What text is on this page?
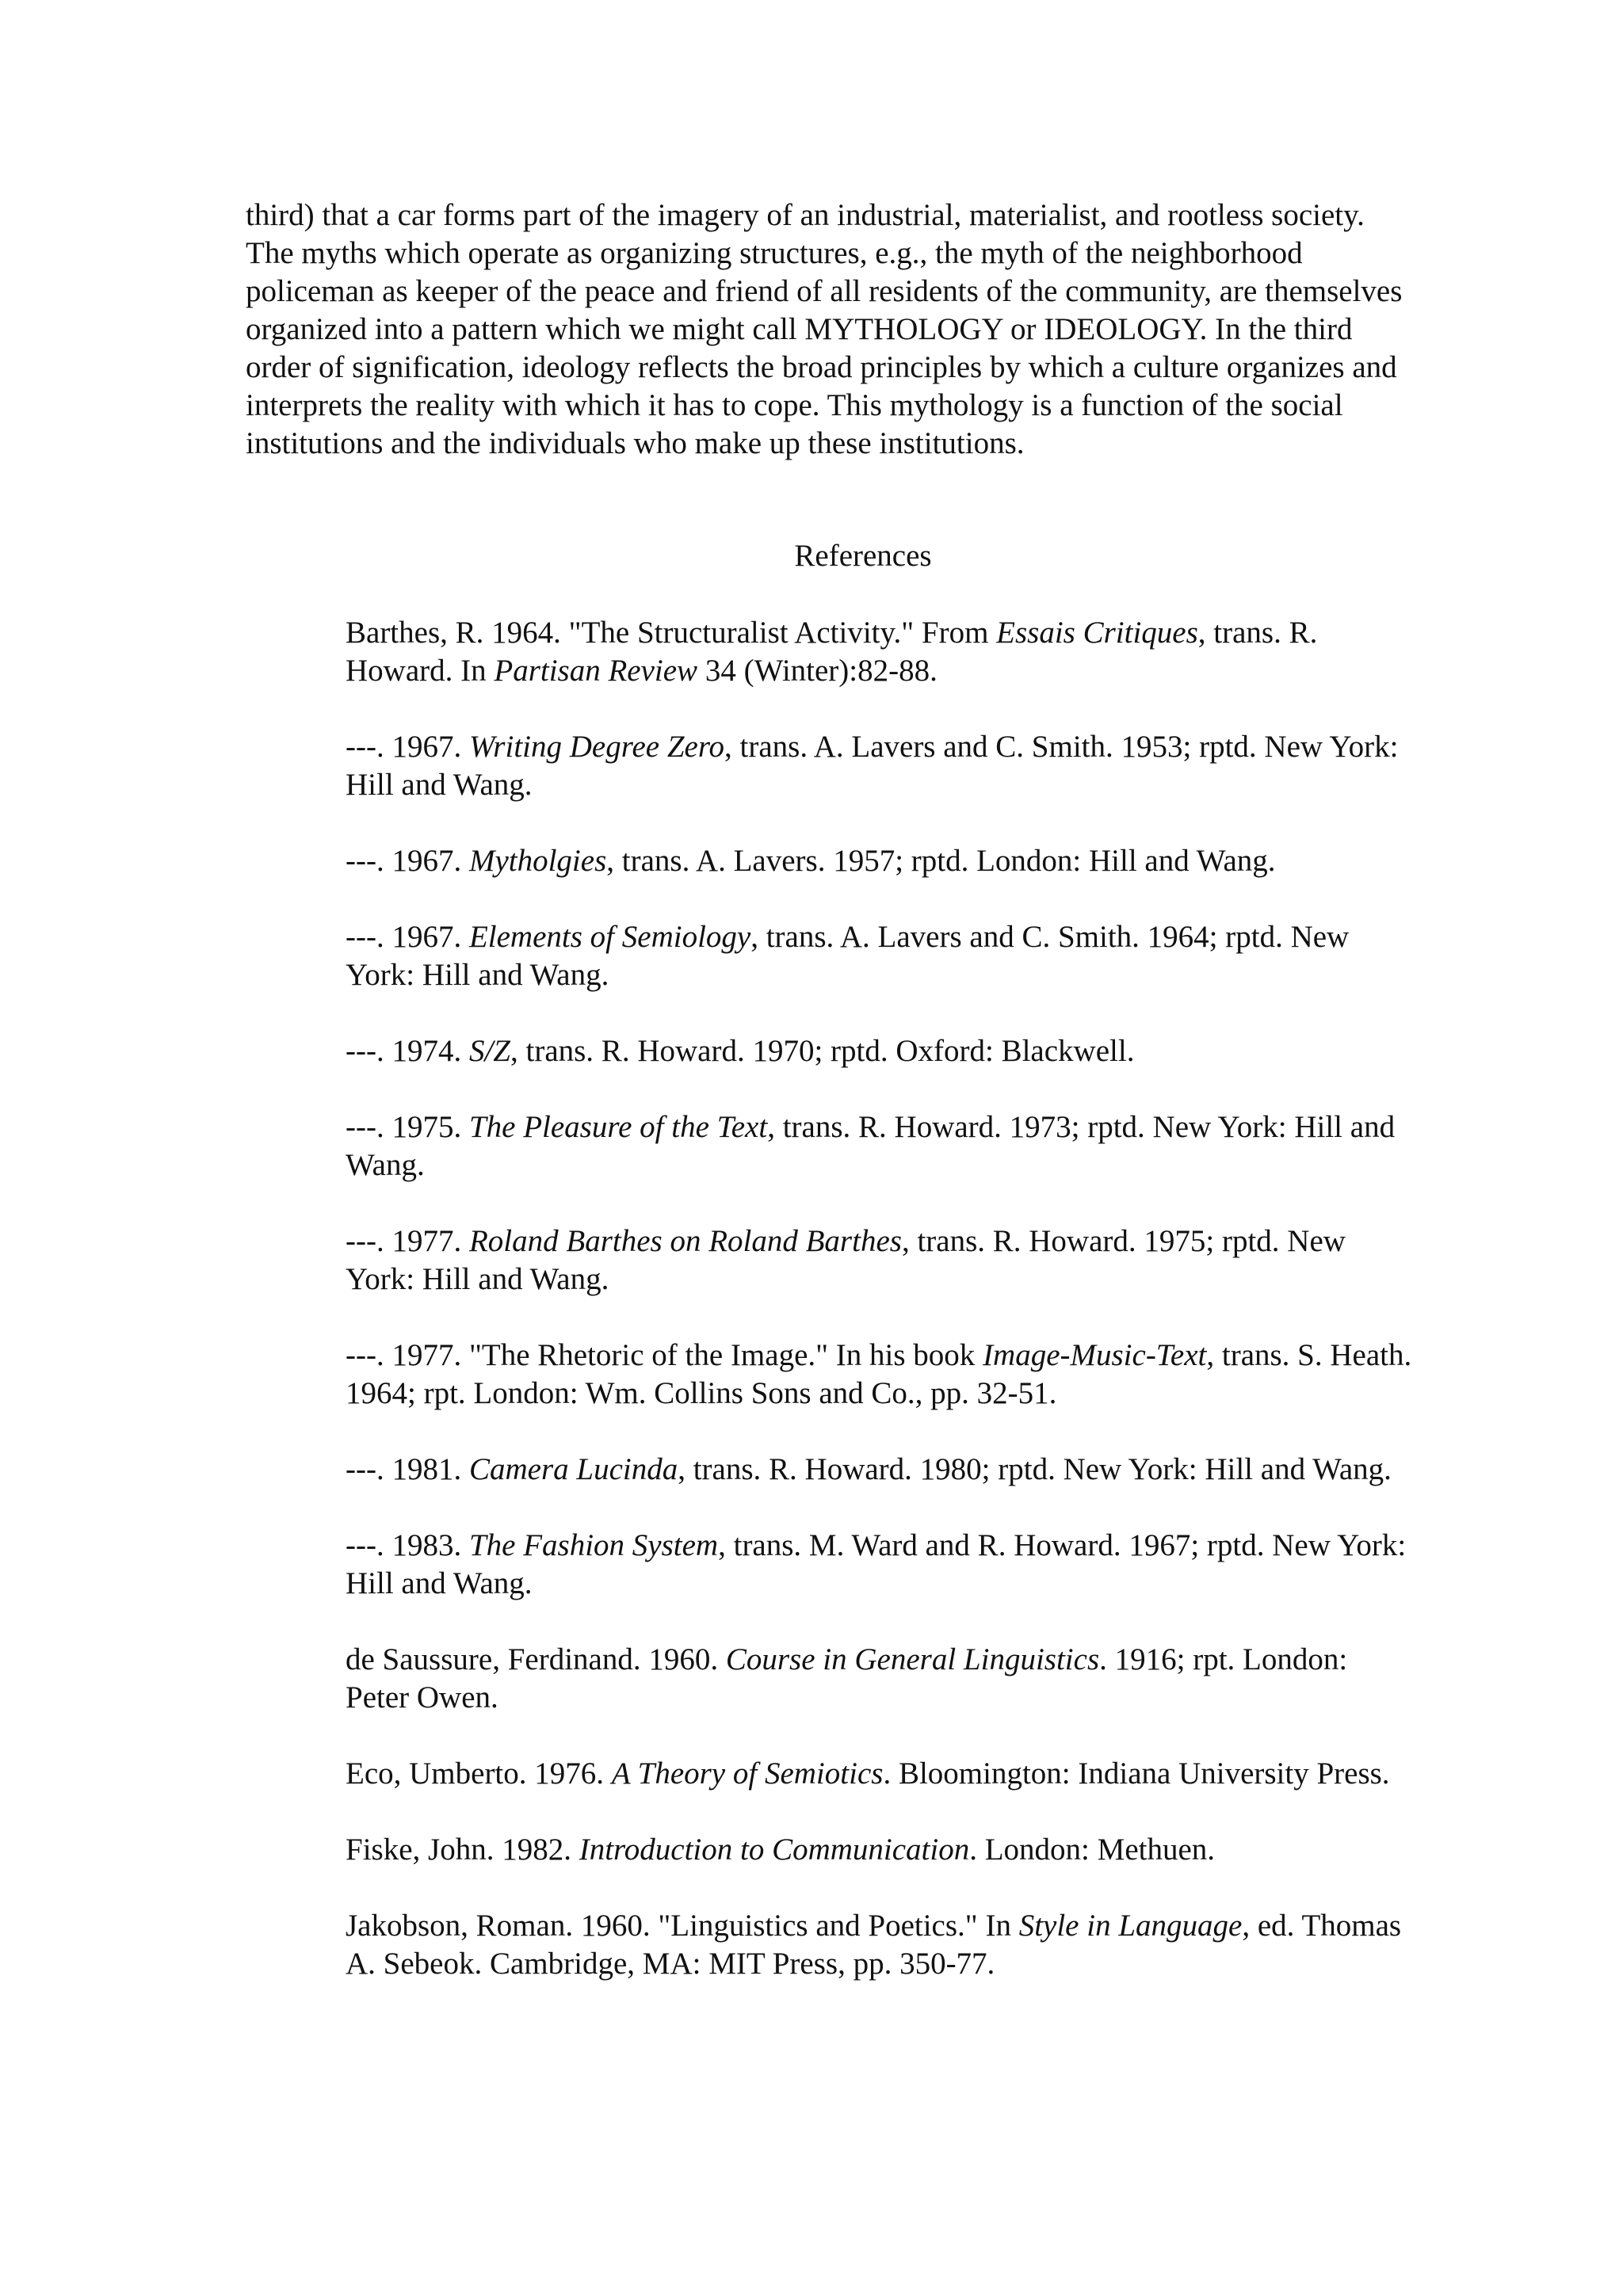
third) that a car forms part of the imagery of an industrial, materialist, and rootless society. The myths which operate as organizing structures, e.g., the myth of the neighborhood policeman as keeper of the peace and friend of all residents of the community, are themselves organized into a pattern which we might call MYTHOLOGY or IDEOLOGY. In the third order of signification, ideology reflects the broad principles by which a culture organizes and interprets the reality with which it has to cope. This mythology is a function of the social institutions and the individuals who make up these institutions.

References
Barthes, R. 1964. "The Structuralist Activity." From Essais Critiques, trans. R. Howard. In Partisan Review 34 (Winter):82-88.
---. 1967. Writing Degree Zero, trans. A. Lavers and C. Smith. 1953; rptd. New York: Hill and Wang.
---. 1967. Mytholgies, trans. A. Lavers. 1957; rptd. London: Hill and Wang.
---. 1967. Elements of Semiology, trans. A. Lavers and C. Smith. 1964; rptd. New York: Hill and Wang.
---. 1974. S/Z, trans. R. Howard. 1970; rptd. Oxford: Blackwell.
---. 1975. The Pleasure of the Text, trans. R. Howard. 1973; rptd. New York: Hill and Wang.
---. 1977. Roland Barthes on Roland Barthes, trans. R. Howard. 1975; rptd. New York: Hill and Wang.
---. 1977. "The Rhetoric of the Image." In his book Image-Music-Text, trans. S. Heath. 1964; rpt. London: Wm. Collins Sons and Co., pp. 32-51.
---. 1981. Camera Lucinda, trans. R. Howard. 1980; rptd. New York: Hill and Wang.
---. 1983. The Fashion System, trans. M. Ward and R. Howard. 1967; rptd. New York: Hill and Wang.
de Saussure, Ferdinand. 1960. Course in General Linguistics. 1916; rpt. London: Peter Owen.
Eco, Umberto. 1976. A Theory of Semiotics. Bloomington: Indiana University Press.
Fiske, John. 1982. Introduction to Communication. London: Methuen.
Jakobson, Roman. 1960. "Linguistics and Poetics." In Style in Language, ed. Thomas A. Sebeok. Cambridge, MA: MIT Press, pp. 350-77.
